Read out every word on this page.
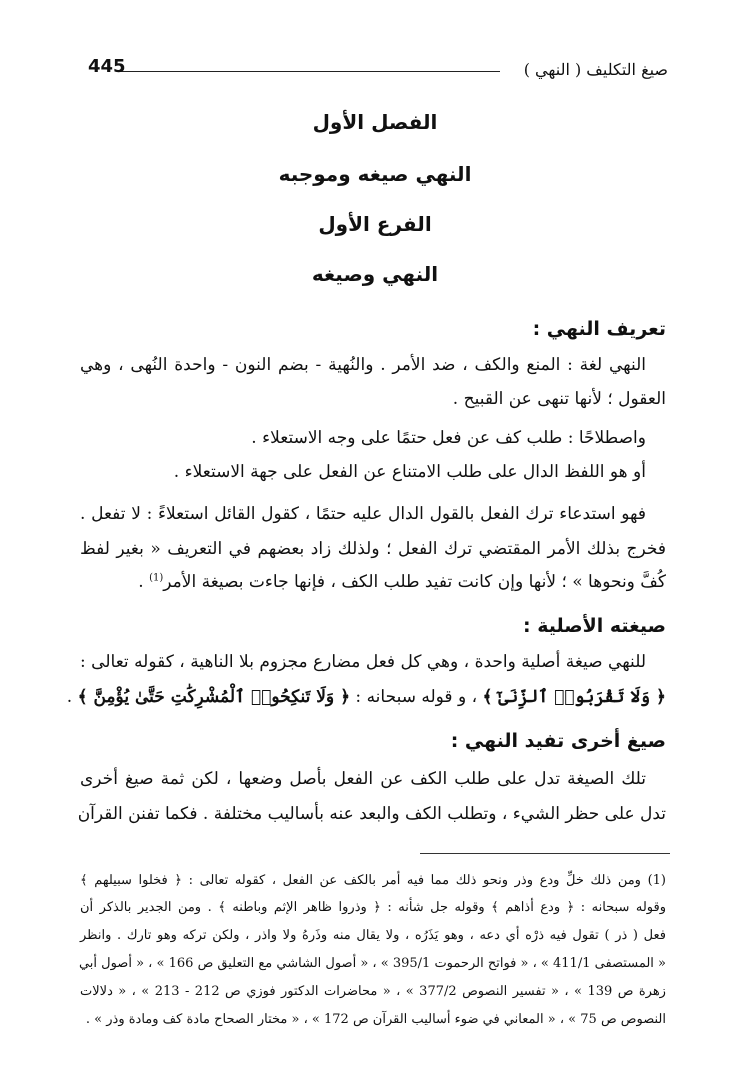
صيغ التكليف ( النهي )
445
الفصل الأول
النهي صيغه وموجبه
الفرع الأول
النهي وصيغه
تعريف النهي :
النهي لغة : المنع والكف ، ضد الأمر . والنُهية - بضم النون - واحدة النُهى ، وهي
العقول ؛ لأنها تنهى عن القبيح .
واصطلاحًا : طلب كف عن فعل حتمًا على وجه الاستعلاء .
أو هو اللفظ الدال على طلب الامتناع عن الفعل على جهة الاستعلاء .
فهو استدعاء ترك الفعل بالقول الدال عليه حتمًا ، كقول القائل استعلاءً : لا تفعل .
فخرج بذلك الأمر المقتضي ترك الفعل ؛ ولذلك زاد بعضهم في التعريف « بغير لفظ
كُفَّ ونحوها » ؛ لأنها وإن كانت تفيد طلب الكف ، فإنها جاءت بصيغة الأمر$^{(1)}$ .
صيغته الأصلية :
للنهي صيغة أصلية واحدة ، وهي كل فعل مضارع مجزوم بلا الناهية ، كقوله تعالى :
﴿ وَلَا تَقْرَبُوا۟ ٱلزِّنَىٰٓ ﴾ ، و قوله سبحانه : ﴿ وَلَا تَنكِحُوا۟ ٱلْمُشْرِكَٰتِ حَتَّىٰ يُؤْمِنَّ ﴾ .
صيغ أخرى تفيد النهي :
تلك الصيغة تدل على طلب الكف عن الفعل بأصل وضعها ، لكن ثمة صيغ أخرى
تدل على حظر الشيء ، وتطلب الكف والبعد عنه بأساليب مختلفة . فكما تفنن القرآن
(1) ومن ذلك خلِّ ودع وذر ونحو ذلك مما فيه أمر بالكف عن الفعل ، كقوله تعالى : ﴿ فخلوا سبيلهم ﴾
وقوله سبحانه : ﴿ ودع أذاهم ﴾ وقوله جل شأنه : ﴿ وذروا ظاهر الإثم وباطنه ﴾ . ومن الجدير بالذكر أن
فعل ( ذر ) تقول فيه ذرْه أي دعه ، وهو يَذَرُه ، ولا يقال منه وذَرهُ ولا واذر ، ولكن تركه وهو تارك . وانظر
« المستصفى 411/1 » ، « فواتح الرحموت 395/1 » ، « أصول الشاشي مع التعليق ص 166 » ، « أصول أبي
زهرة ص 139 » ، « تفسير النصوص 377/2 » ، « محاضرات الدكتور فوزي ص 212 - 213 » ، « دلالات
النصوص ص 75 » ، « المعاني في ضوء أساليب القرآن ص 172 » ، « مختار الصحاح مادة كف ومادة وذر » .
